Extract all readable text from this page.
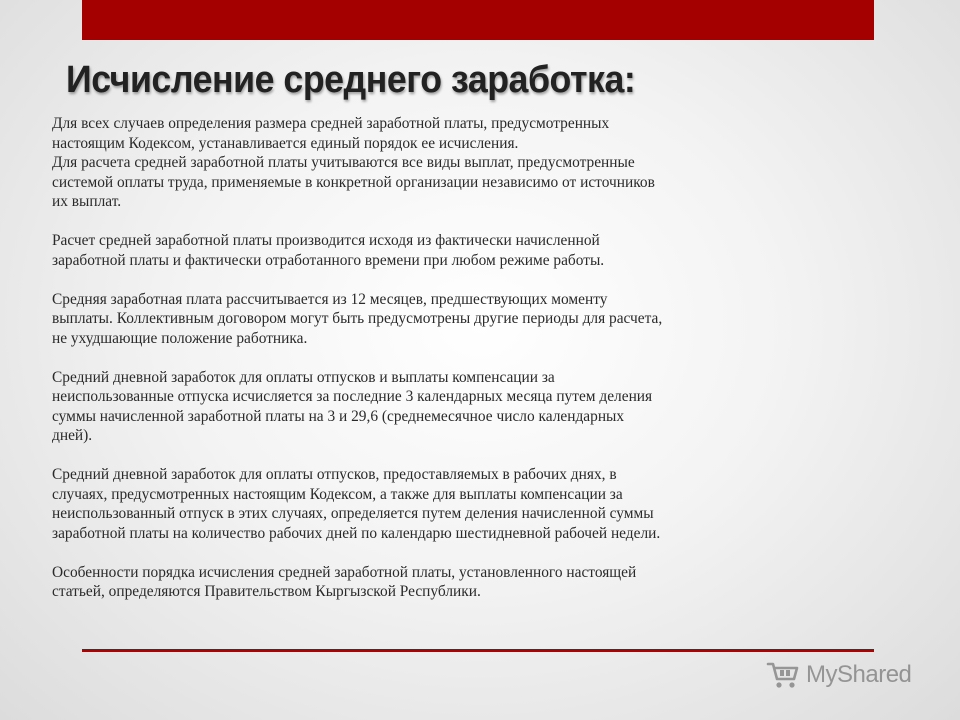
Исчисление среднего заработка:
Для всех случаев определения размера средней заработной платы, предусмотренных
настоящим Кодексом, устанавливается единый порядок ее исчисления.
Для расчета средней заработной платы учитываются все виды выплат, предусмотренные
системой оплаты труда, применяемые в конкретной организации независимо от источников
их выплат.
Расчет средней заработной платы производится исходя из фактически начисленной
заработной платы и фактически отработанного времени при любом режиме работы.
Средняя заработная плата рассчитывается из 12 месяцев, предшествующих моменту
выплаты. Коллективным договором могут быть предусмотрены другие периоды для расчета,
не ухудшающие положение работника.
Средний дневной заработок для оплаты отпусков и выплаты компенсации за
неиспользованные отпуска исчисляется за последние 3 календарных месяца путем деления
суммы начисленной заработной платы на 3 и 29,6 (среднемесячное число календарных
дней).
Средний дневной заработок для оплаты отпусков, предоставляемых в рабочих днях, в
случаях, предусмотренных настоящим Кодексом, а также для выплаты компенсации за
неиспользованный отпуск в этих случаях, определяется путем деления начисленной суммы
заработной платы на количество рабочих дней по календарю шестидневной рабочей недели.
Особенности порядка исчисления средней заработной платы, установленного настоящей
статьей, определяются Правительством Кыргызской Республики.
MyShared
